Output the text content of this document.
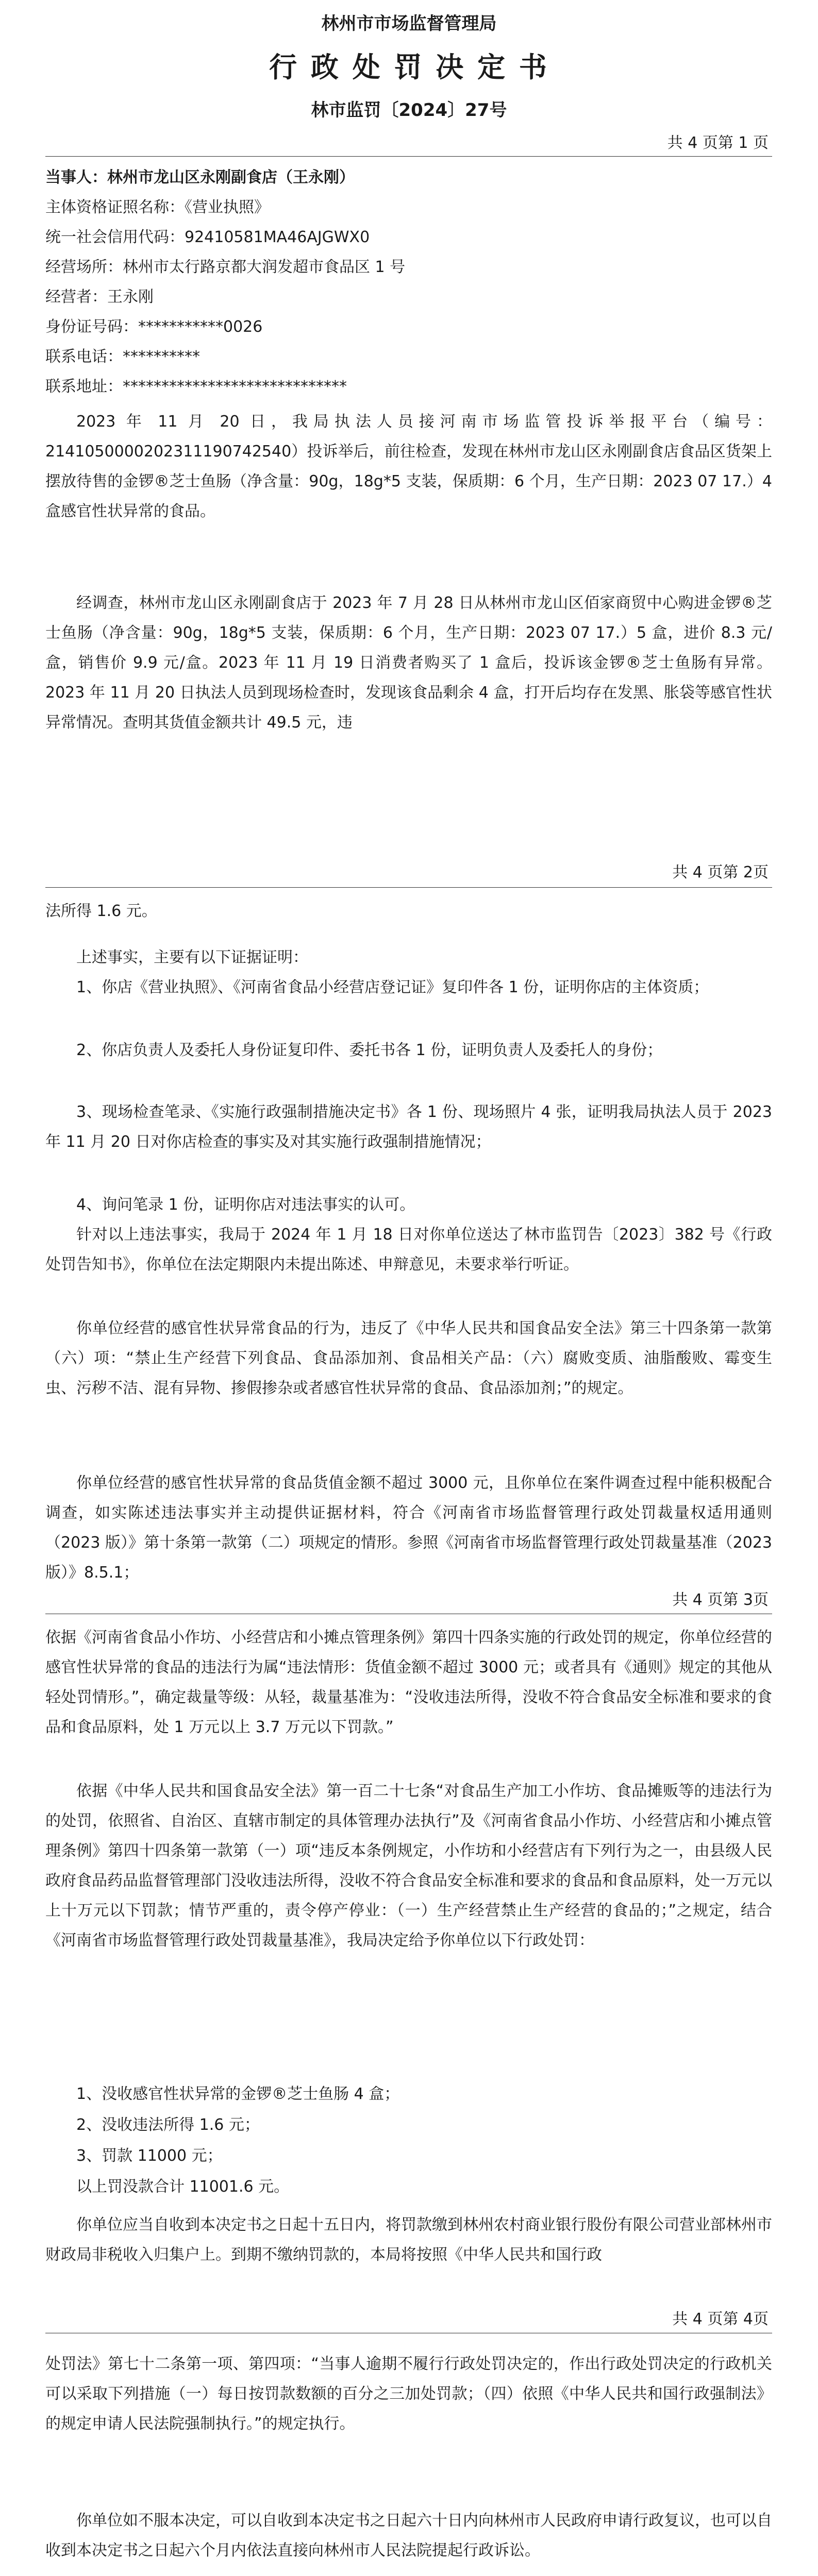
林州市市场监督管理局
行 政 处 罚 决 定 书
林市监罚〔2024〕27号
共 4 页第 1 页

当事人：林州市龙山区永刚副食店（王永刚）

主体资格证照名称：《营业执照》

统一社会信用代码：92410581MA46AJGWX0

经营场所：林州市太行路京都大润发超市食品区 1 号

经营者：王永刚

身份证号码：***********0026

联系电话：**********

联系地址：*****************************

2023 年 11 月 20 日，我局执法人员接河南市场监管投诉举报平台（编号：2141050000202311190742540）投诉举后，前往检查，发现在林州市龙山区永刚副食店食品区货架上摆放待售的金锣®芝士鱼肠（净含量：90g，18g*5 支装，保质期：6 个月，生产日期：2023 07 17.）4 盒感官性状异常的食品。

经调查，林州市龙山区永刚副食店于 2023 年 7 月 28 日从林州市龙山区佰家商贸中心购进金锣®芝士鱼肠（净含量：90g，18g*5 支装，保质期：6 个月，生产日期：2023 07 17.）5 盒，进价 8.3 元/盒，销售价 9.9 元/盒。2023 年 11 月 19 日消费者购买了 1 盒后，投诉该金锣®芝士鱼肠有异常。2023 年 11 月 20 日执法人员到现场检查时，发现该食品剩余 4 盒，打开后均存在发黑、胀袋等感官性状异常情况。查明其货值金额共计 49.5 元，违

共 4 页第 2页

法所得 1.6 元。

上述事实，主要有以下证据证明：

1、你店《营业执照》、《河南省食品小经营店登记证》复印件各 1 份，证明你店的主体资质；

2、你店负责人及委托人身份证复印件、委托书各 1 份，证明负责人及委托人的身份；

3、现场检查笔录、《实施行政强制措施决定书》各 1 份、现场照片 4 张，证明我局执法人员于 2023 年 11 月 20 日对你店检查的事实及对其实施行政强制措施情况；

4、询问笔录 1 份，证明你店对违法事实的认可。

针对以上违法事实，我局于 2024 年 1 月 18 日对你单位送达了林市监罚告〔2023〕382 号《行政处罚告知书》，你单位在法定期限内未提出陈述、申辩意见，未要求举行听证。

你单位经营的感官性状异常食品的行为，违反了《中华人民共和国食品安全法》第三十四条第一款第（六）项：“禁止生产经营下列食品、食品添加剂、食品相关产品：（六）腐败变质、油脂酸败、霉变生虫、污秽不洁、混有异物、掺假掺杂或者感官性状异常的食品、食品添加剂；”的规定。

你单位经营的感官性状异常的食品货值金额不超过 3000 元，且你单位在案件调查过程中能积极配合调查，如实陈述违法事实并主动提供证据材料，符合《河南省市场监督管理行政处罚裁量权适用通则（2023 版）》第十条第一款第（二）项规定的情形。参照《河南省市场监督管理行政处罚裁量基准（2023 版）》8.5.1；

共 4 页第 3页

依据《河南省食品小作坊、小经营店和小摊点管理条例》第四十四条实施的行政处罚的规定，你单位经营的感官性状异常的食品的违法行为属“违法情形：货值金额不超过 3000 元；或者具有《通则》规定的其他从轻处罚情形。”，确定裁量等级：从轻，裁量基准为：“没收违法所得，没收不符合食品安全标准和要求的食品和食品原料，处 1 万元以上 3.7 万元以下罚款。”

依据《中华人民共和国食品安全法》第一百二十七条“对食品生产加工小作坊、食品摊贩等的违法行为的处罚，依照省、自治区、直辖市制定的具体管理办法执行”及《河南省食品小作坊、小经营店和小摊点管理条例》第四十四条第一款第（一）项“违反本条例规定，小作坊和小经营店有下列行为之一，由县级人民政府食品药品监督管理部门没收违法所得，没收不符合食品安全标准和要求的食品和食品原料，处一万元以上十万元以下罚款；情节严重的，责令停产停业：（一）生产经营禁止生产经营的食品的；”之规定，结合《河南省市场监督管理行政处罚裁量基准》，我局决定给予你单位以下行政处罚：

1、没收感官性状异常的金锣®芝士鱼肠 4 盒；

2、没收违法所得 1.6 元；

3、罚款 11000 元；

以上罚没款合计 11001.6 元。

你单位应当自收到本决定书之日起十五日内，将罚款缴到林州农村商业银行股份有限公司营业部林州市财政局非税收入归集户上。到期不缴纳罚款的，本局将按照《中华人民共和国行政

共 4 页第 4页

处罚法》第七十二条第一项、第四项：“当事人逾期不履行行政处罚决定的，作出行政处罚决定的行政机关可以采取下列措施（一）每日按罚款数额的百分之三加处罚款；（四）依照《中华人民共和国行政强制法》的规定申请人民法院强制执行。”的规定执行。

你单位如不服本决定，可以自收到本决定书之日起六十日内向林州市人民政府申请行政复议，也可以自收到本决定书之日起六个月内依法直接向林州市人民法院提起行政诉讼。
